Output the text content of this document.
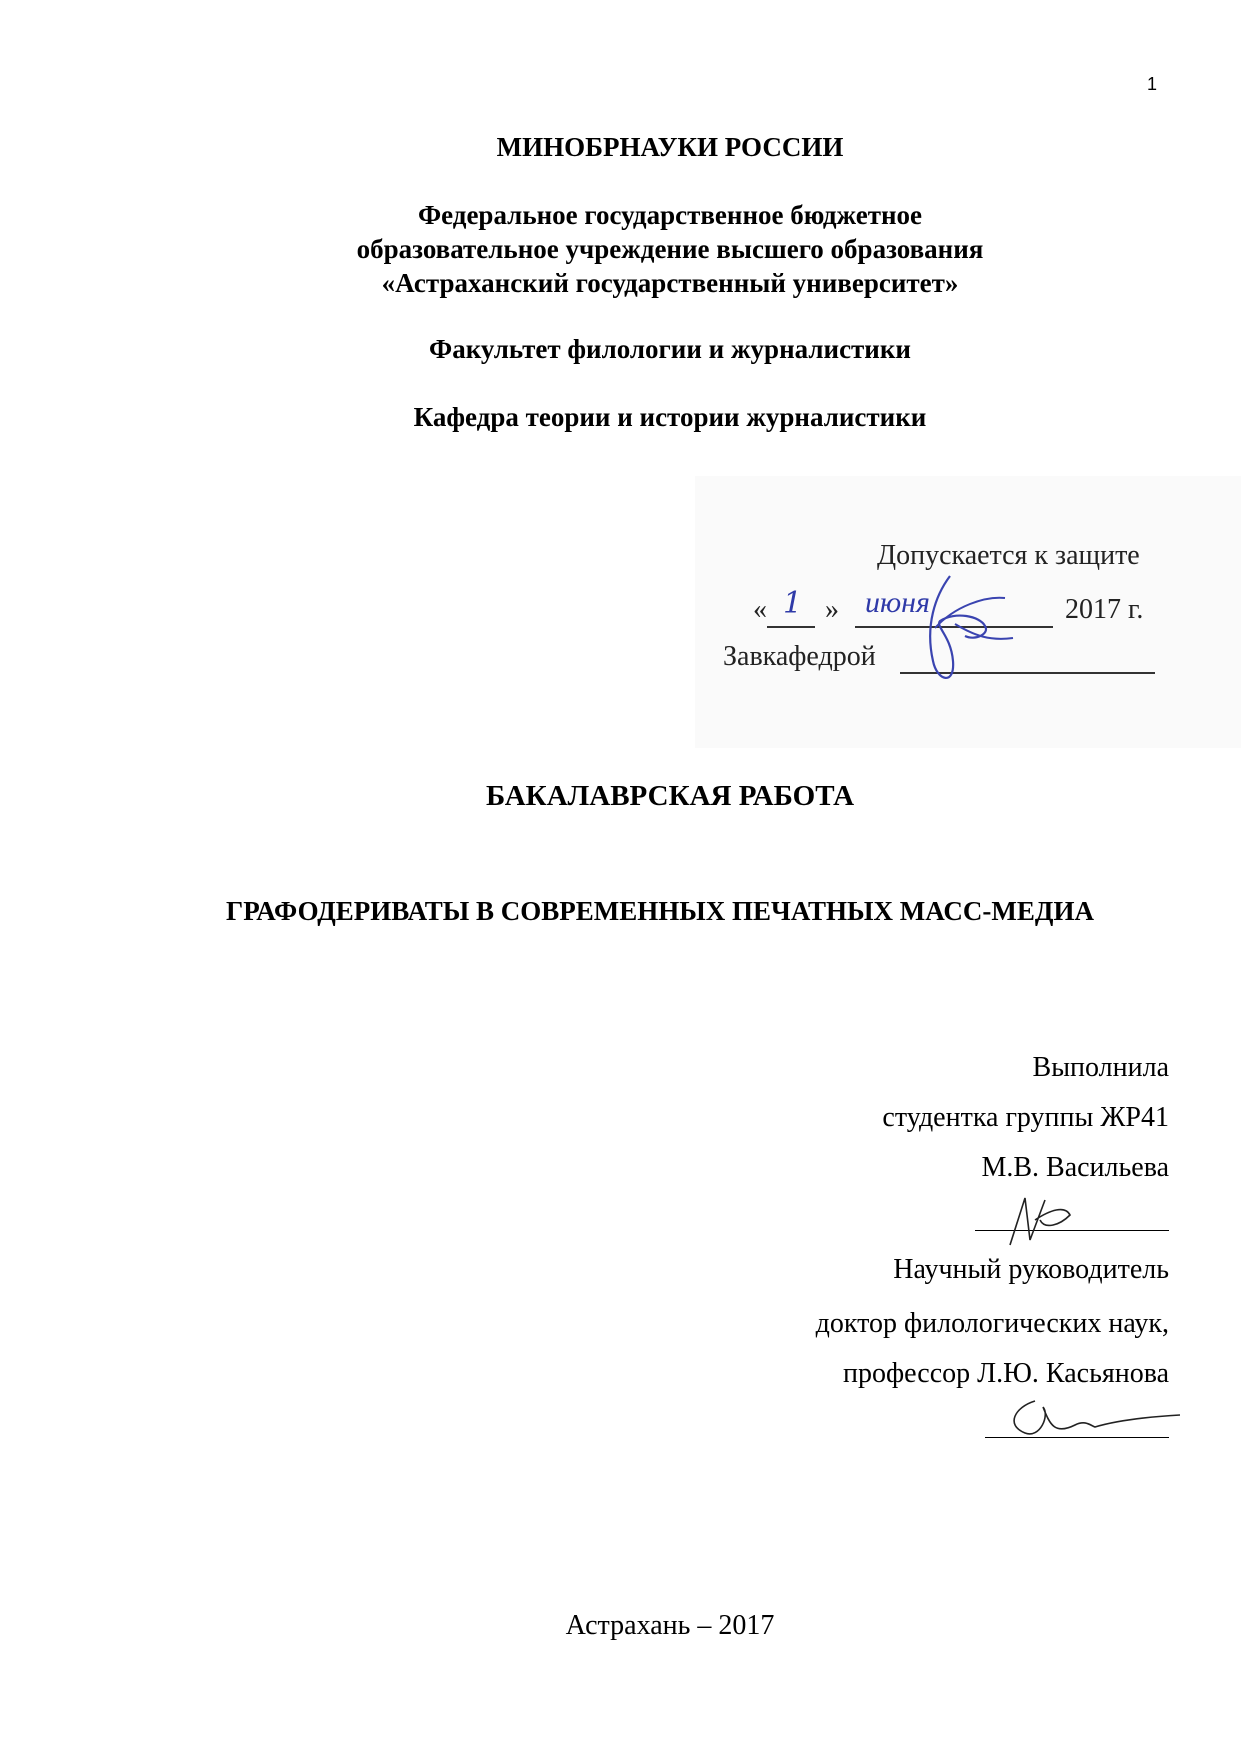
1
МИНОБРНАУКИ РОССИИ
Федеральное государственное бюджетное
образовательное учреждение высшего образования
«Астраханский государственный университет»
Факультет филологии и журналистики
Кафедра теории и истории журналистики
Допускается к защите
« 1 » июня	2017 г.
Завкафедрой
БАКАЛАВРСКАЯ РАБОТА
ГРАФОДЕРИВАТЫ В СОВРЕМЕННЫХ ПЕЧАТНЫХ МАСС-МЕДИА
Выполнила
студентка группы ЖР41
М.В. Васильева
Научный руководитель
доктор филологических наук,
профессор Л.Ю. Касьянова
Астрахань – 2017
